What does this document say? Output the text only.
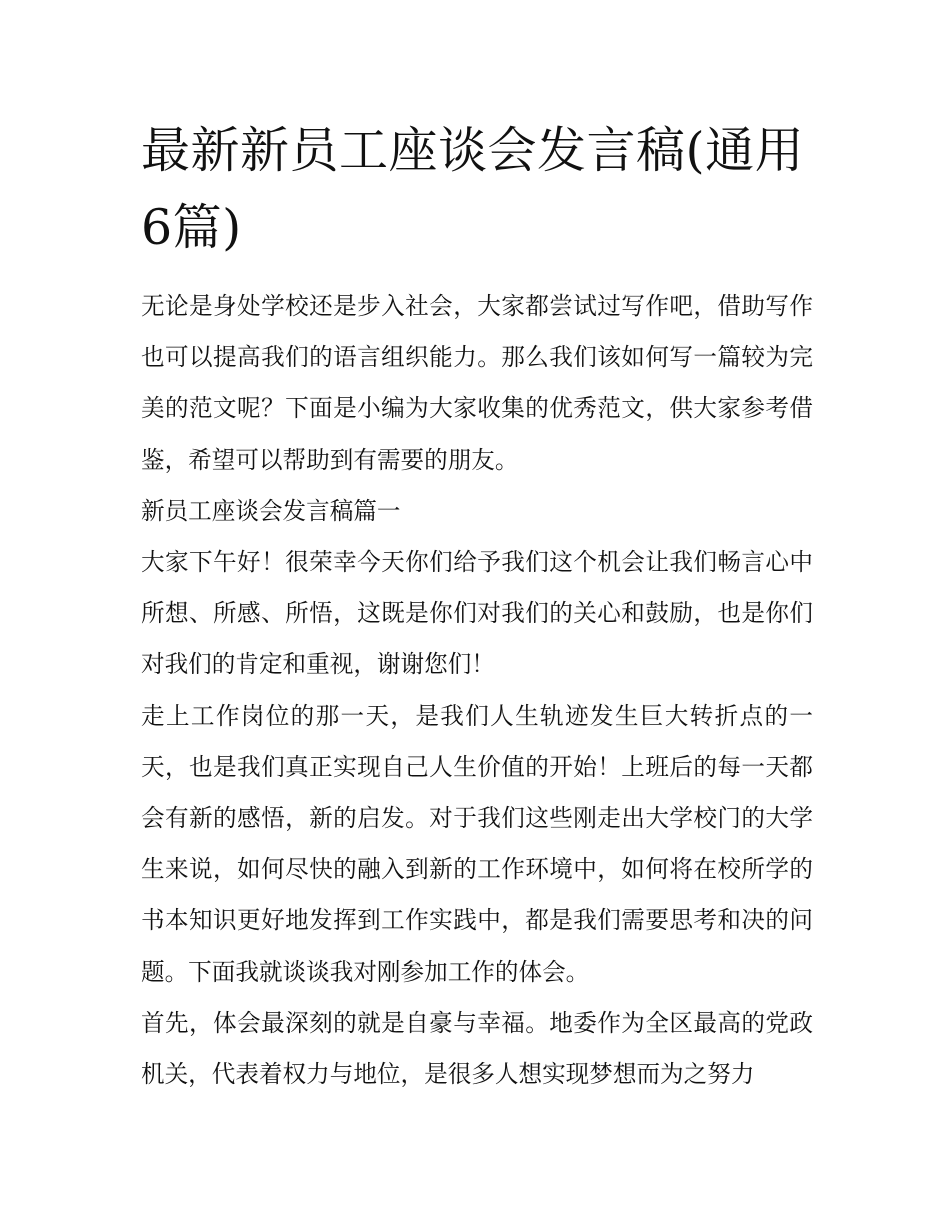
最新新员工座谈会发言稿(通用6篇)

无论是身处学校还是步入社会，大家都尝试过写作吧，借助写作也可以提高我们的语言组织能力。那么我们该如何写一篇较为完美的范文呢？下面是小编为大家收集的优秀范文，供大家参考借鉴，希望可以帮助到有需要的朋友。

新员工座谈会发言稿篇一

大家下午好！很荣幸今天你们给予我们这个机会让我们畅言心中所想、所感、所悟，这既是你们对我们的关心和鼓励，也是你们对我们的肯定和重视，谢谢您们！

走上工作岗位的那一天，是我们人生轨迹发生巨大转折点的一天，也是我们真正实现自己人生价值的开始！上班后的每一天都会有新的感悟，新的启发。对于我们这些刚走出大学校门的大学生来说，如何尽快的融入到新的工作环境中，如何将在校所学的书本知识更好地发挥到工作实践中，都是我们需要思考和决的问题。下面我就谈谈我对刚参加工作的体会。

首先，体会最深刻的就是自豪与幸福。地委作为全区最高的党政机关，代表着权力与地位，是很多人想实现梦想而为之努力
